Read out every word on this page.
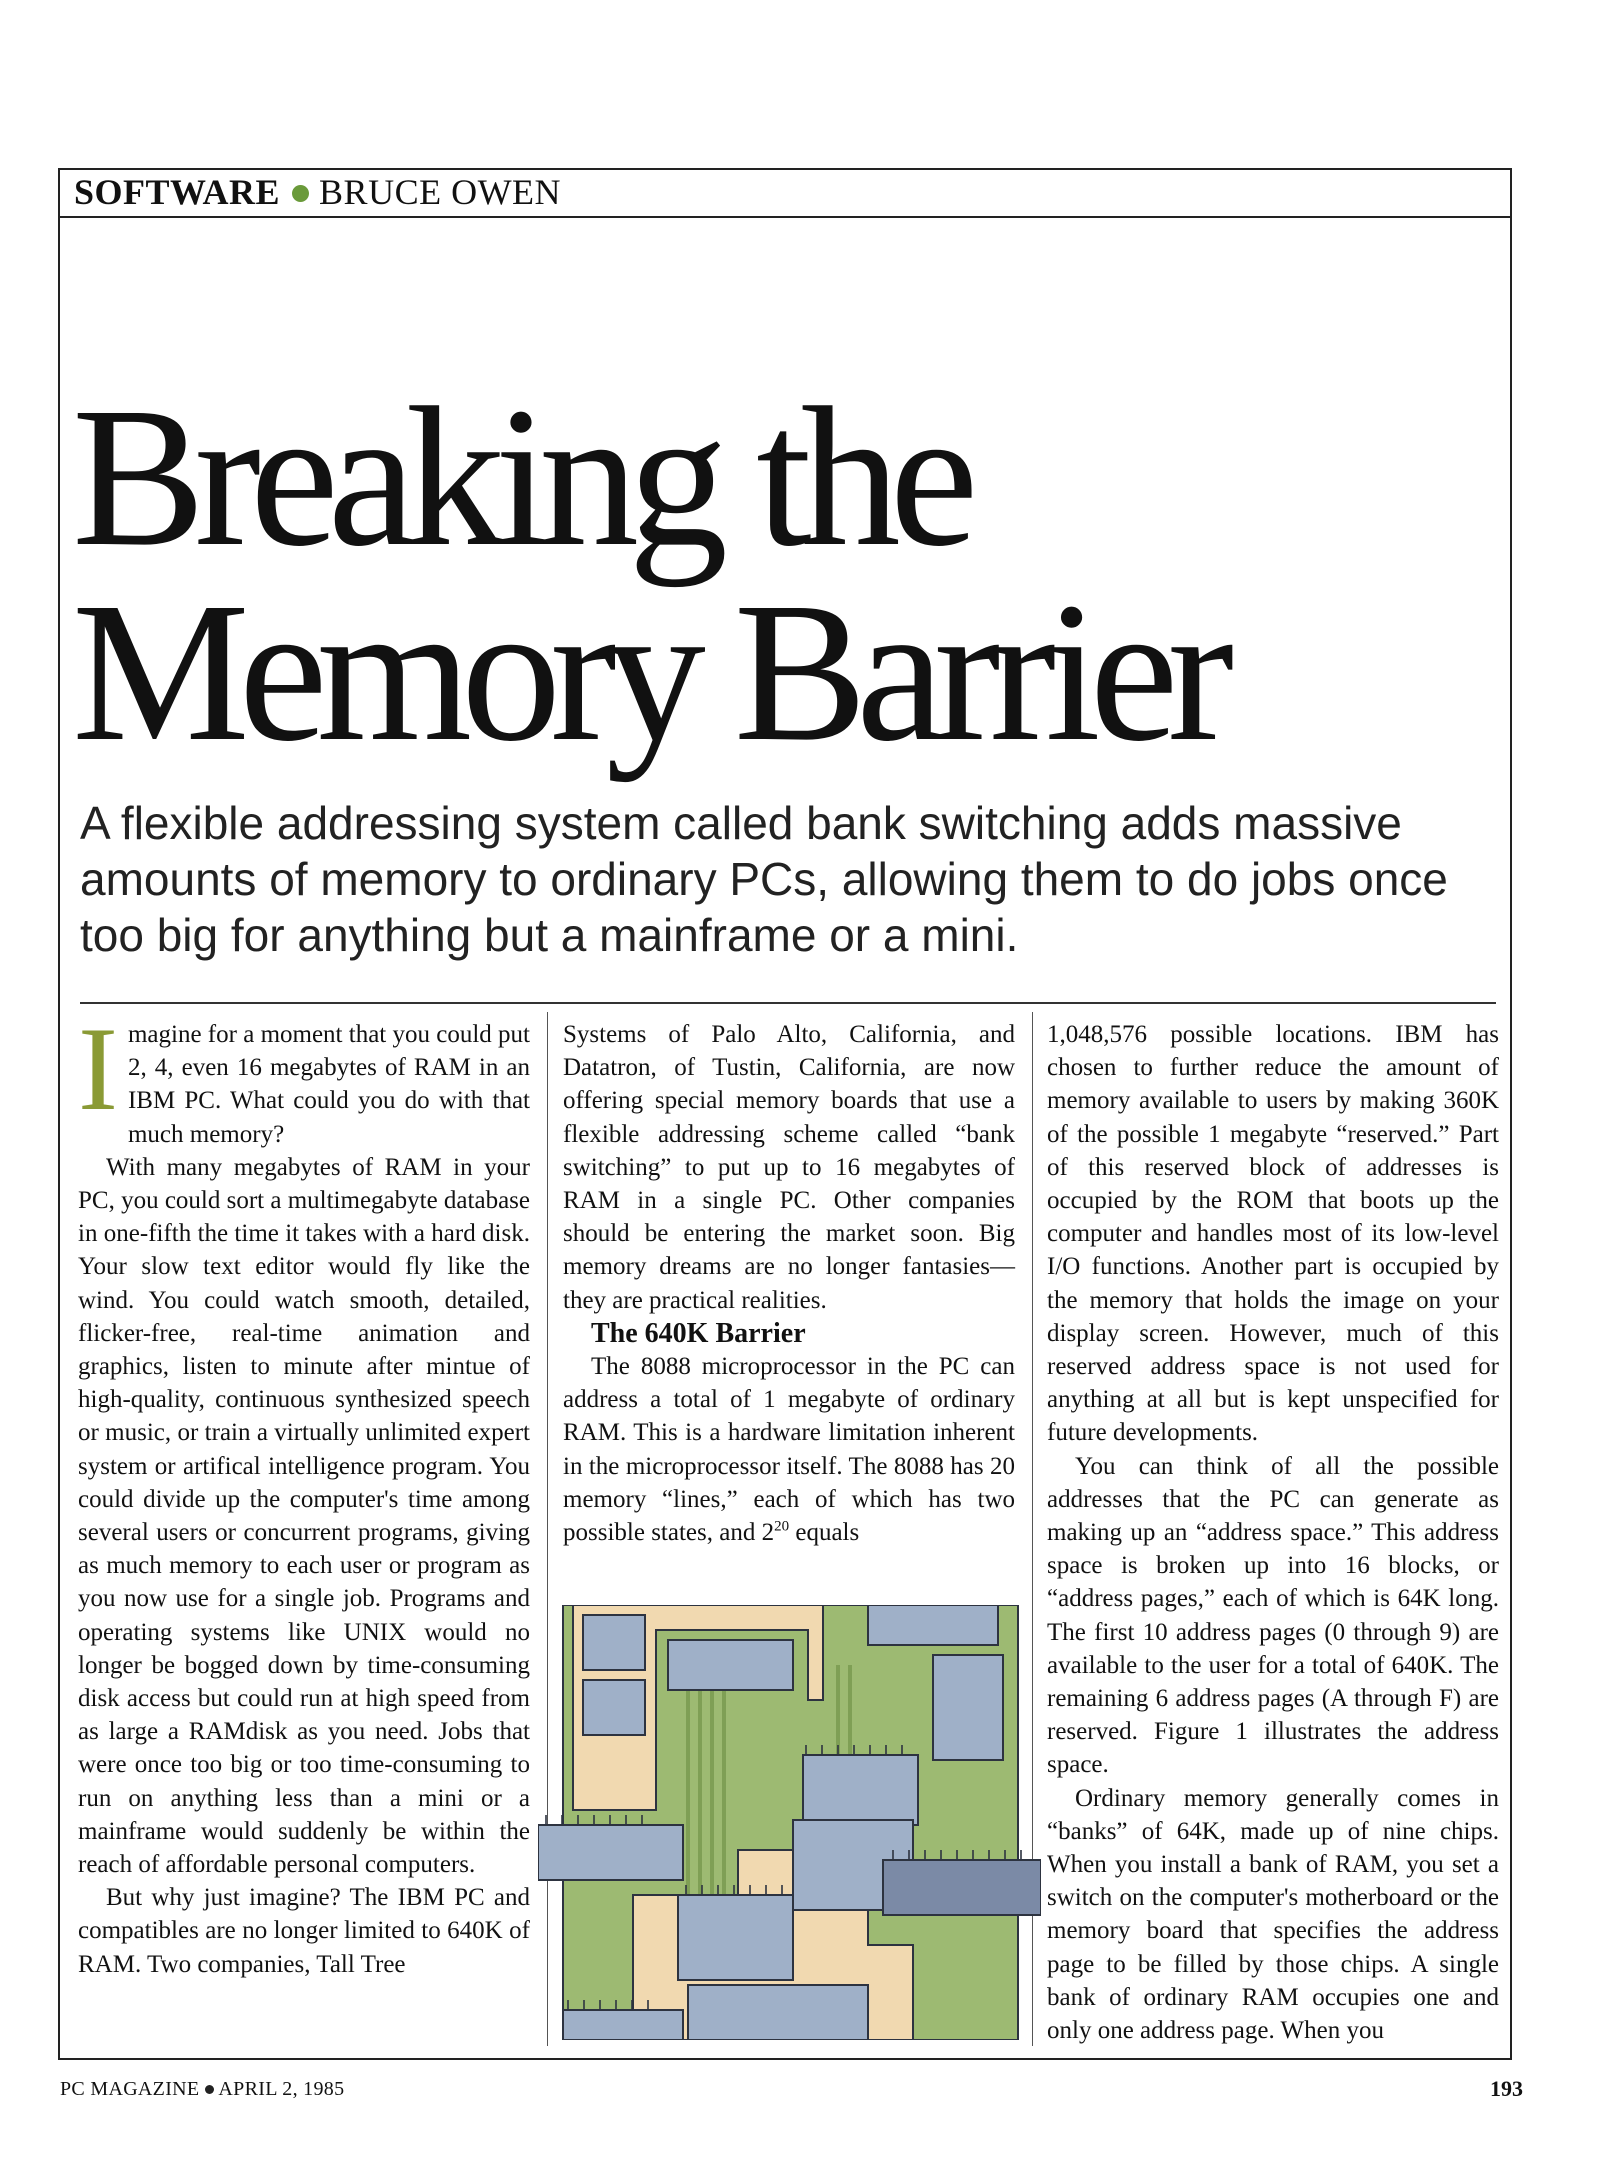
SOFTWARE BRUCE OWEN
Breaking the
Memory Barrier

A flexible addressing system called bank switching adds massive amounts of memory to ordinary PCs, allowing them to do jobs once too big for anything but a mainframe or a mini.

Imagine for a moment that you could put 2, 4, even 16 megabytes of RAM in an IBM PC. What could you do with that much memory?

With many megabytes of RAM in your PC, you could sort a multimegabyte database in one-fifth the time it takes with a hard disk. Your slow text editor would fly like the wind. You could watch smooth, detailed, flicker-free, real-time animation and graphics, listen to minute after mintue of high-quality, continuous synthesized speech or music, or train a virtually unlimited expert system or artifical intelligence program. You could divide up the computer's time among several users or concurrent programs, giving as much memory to each user or program as you now use for a single job. Programs and operating systems like UNIX would no longer be bogged down by time-consuming disk access but could run at high speed from as large a RAMdisk as you need. Jobs that were once too big or too time-consuming to run on anything less than a mini or a mainframe would suddenly be within the reach of affordable personal computers.

But why just imagine? The IBM PC and compatibles are no longer limited to 640K of RAM. Two companies, Tall Tree

Systems of Palo Alto, California, and Datatron, of Tustin, California, are now offering special memory boards that use a flexible addressing scheme called “bank switching” to put up to 16 megabytes of RAM in a single PC. Other companies should be entering the market soon. Big memory dreams are no longer fantasies—they are practical realities.

The 640K Barrier

The 8088 microprocessor in the PC can address a total of 1 megabyte of ordinary RAM. This is a hardware limitation inherent in the microprocessor itself. The 8088 has 20 memory “lines,” each of which has two possible states, and $2^{20}$ equals

1,048,576 possible locations. IBM has chosen to further reduce the amount of memory available to users by making 360K of the possible 1 megabyte “reserved.” Part of this reserved block of addresses is occupied by the ROM that boots up the computer and handles most of its low-level I/O functions. Another part is occupied by the memory that holds the image on your display screen. However, much of this reserved address space is not used for anything at all but is kept unspecified for future developments.

You can think of all the possible addresses that the PC can generate as making up an “address space.” This address space is broken up into 16 blocks, or “address pages,” each of which is 64K long. The first 10 address pages (0 through 9) are available to the user for a total of 640K. The remaining 6 address pages (A through F) are reserved. Figure 1 illustrates the address space.

Ordinary memory generally comes in “banks” of 64K, made up of nine chips. When you install a bank of RAM, you set a switch on the computer's motherboard or the memory board that specifies the address page to be filled by those chips. A single bank of ordinary RAM occupies one and only one address page. When you

PC MAGAZINE APRIL 2, 1985	193
